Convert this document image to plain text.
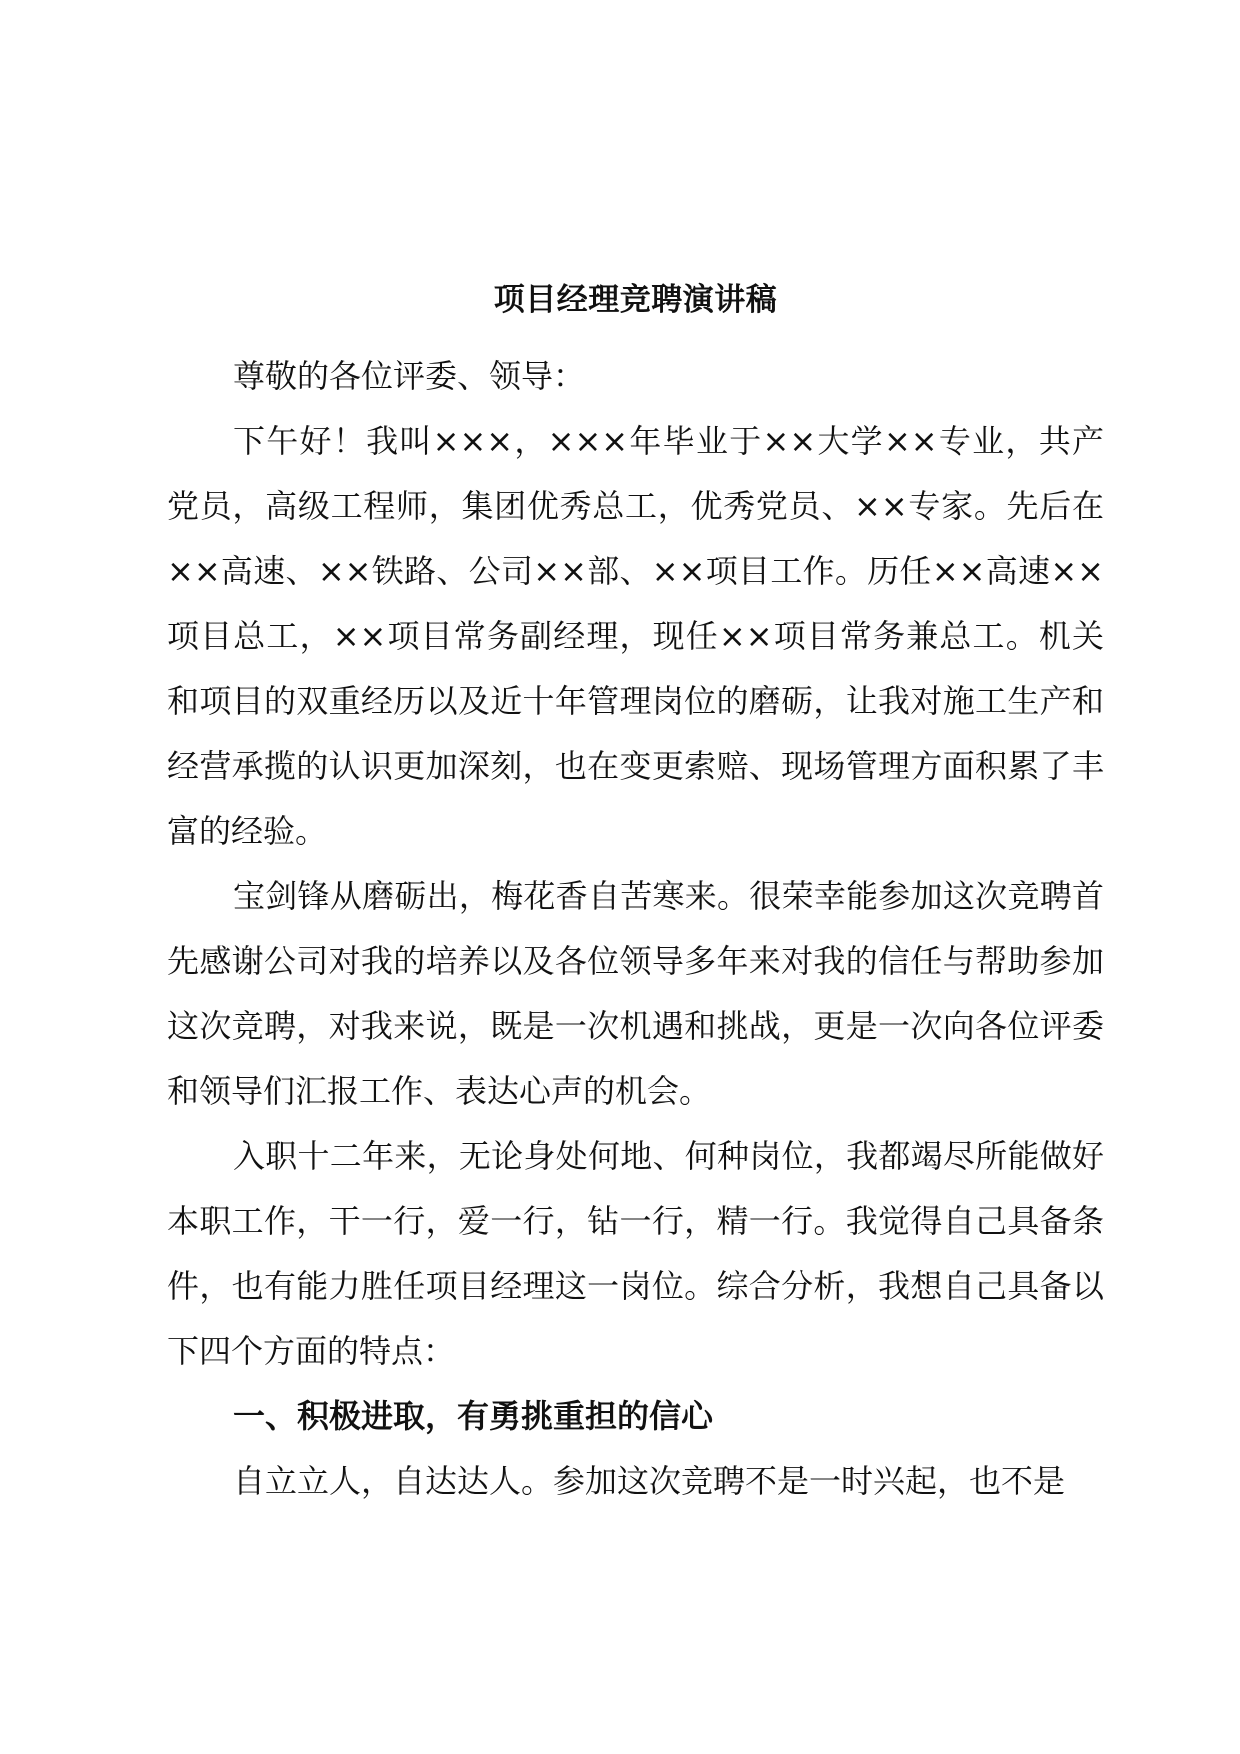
项目经理竞聘演讲稿

尊敬的各位评委、领导：

下午好！我叫×××，×××年毕业于××大学××专业，共产党员，高级工程师，集团优秀总工，优秀党员、××专家。先后在××高速、××铁路、公司××部、××项目工作。历任××高速××项目总工，××项目常务副经理，现任××项目常务兼总工。机关和项目的双重经历以及近十年管理岗位的磨砺，让我对施工生产和经营承揽的认识更加深刻，也在变更索赔、现场管理方面积累了丰富的经验。

宝剑锋从磨砺出，梅花香自苦寒来。很荣幸能参加这次竞聘首先感谢公司对我的培养以及各位领导多年来对我的信任与帮助参加这次竞聘，对我来说，既是一次机遇和挑战，更是一次向各位评委和领导们汇报工作、表达心声的机会。

入职十二年来，无论身处何地、何种岗位，我都竭尽所能做好本职工作，干一行，爱一行，钻一行，精一行。我觉得自己具备条件，也有能力胜任项目经理这一岗位。综合分析，我想自己具备以下四个方面的特点：

一、积极进取，有勇挑重担的信心

自立立人，自达达人。参加这次竞聘不是一时兴起，也不是
